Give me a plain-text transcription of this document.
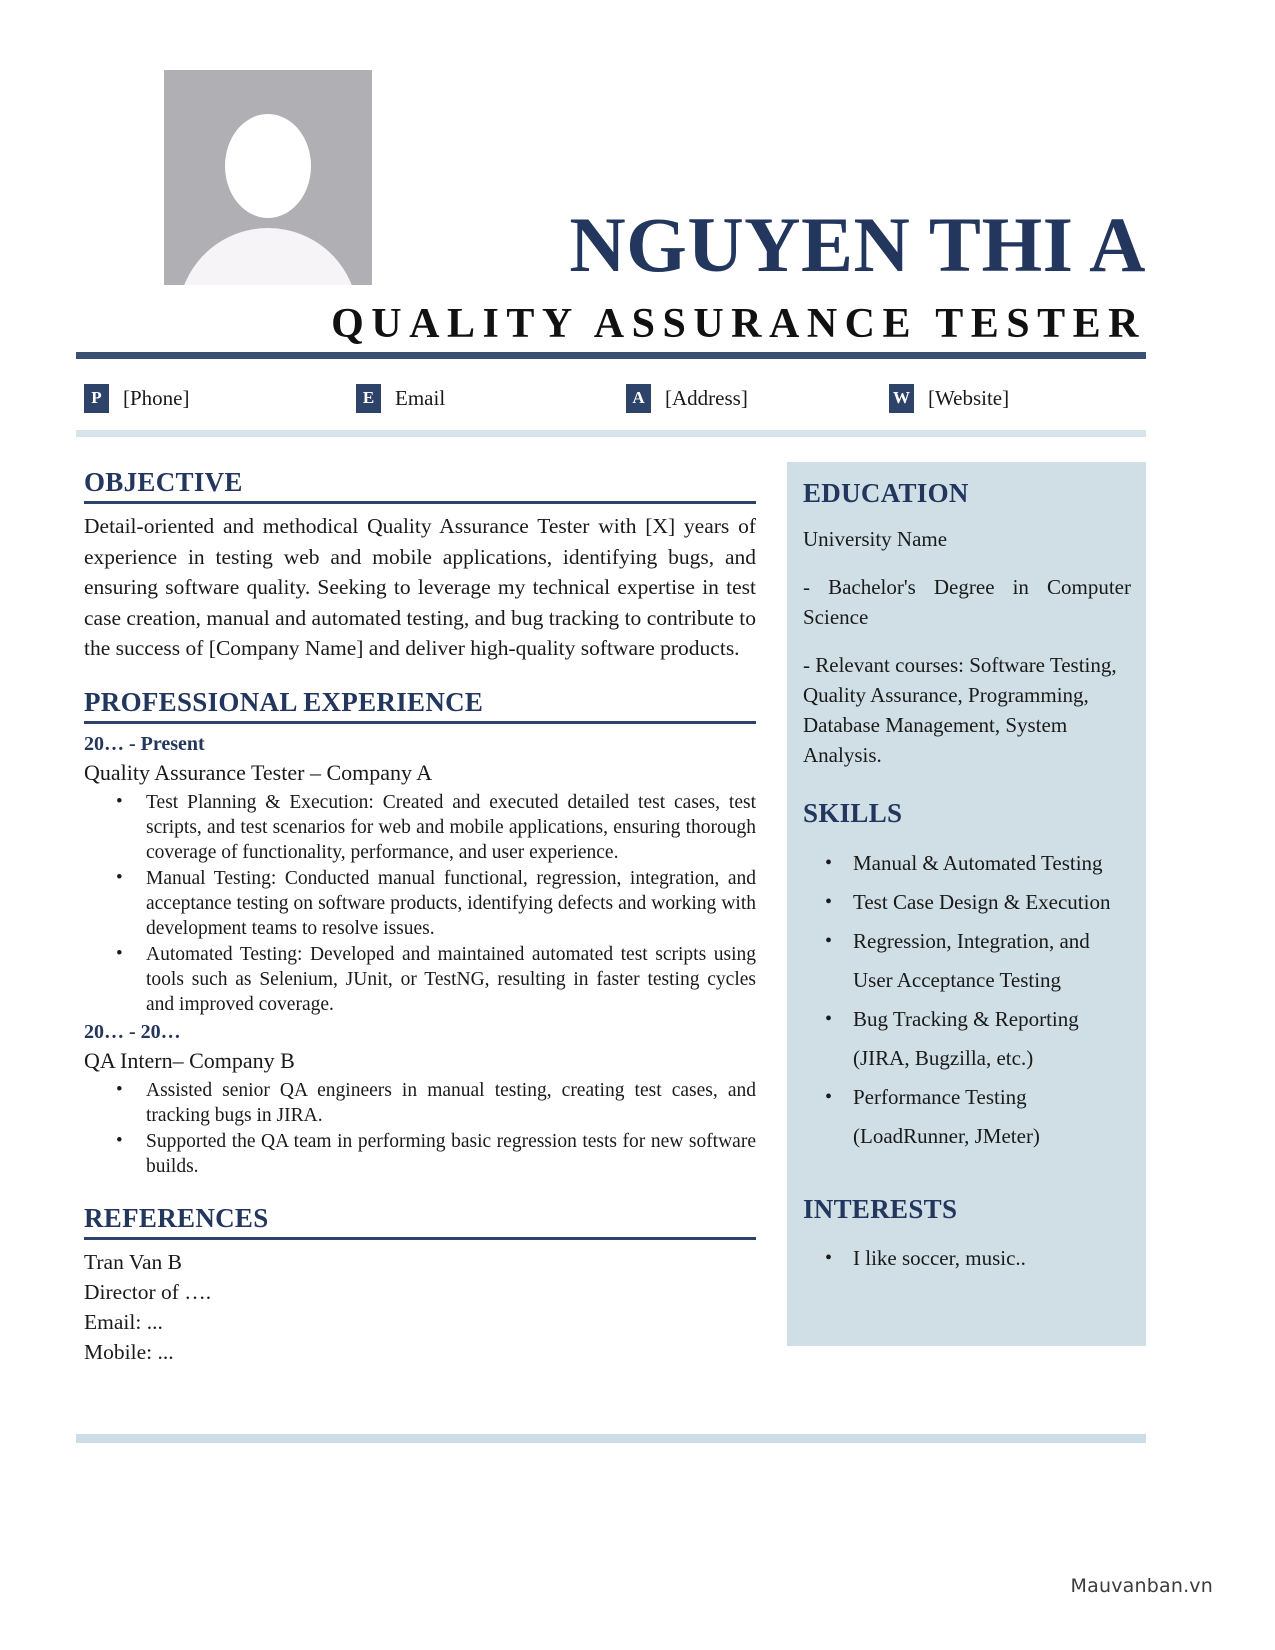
NGUYEN THI A
QUALITY ASSURANCE TESTER
P	[Phone]	E Email	A [Address]	W [Website]
OBJECTIVE

Detail-oriented and methodical Quality Assurance Tester with [X] years of experience in testing web and mobile applications, identifying bugs, and ensuring software quality. Seeking to leverage my technical expertise in test case creation, manual and automated testing, and bug tracking to contribute to the success of [Company Name] and deliver high-quality software products.

PROFESSIONAL EXPERIENCE

20… - Present

Quality Assurance Tester – Company A

• Test Planning & Execution: Created and executed detailed test cases, test scripts, and test scenarios for web and mobile applications, ensuring thorough coverage of functionality, performance, and user experience.
• Manual Testing: Conducted manual functional, regression, integration, and acceptance testing on software products, identifying defects and working with development teams to resolve issues.
• Automated Testing: Developed and maintained automated test scripts using tools such as Selenium, JUnit, or TestNG, resulting in faster testing cycles and improved coverage.

20… - 20…

QA Intern– Company B

• Assisted senior QA engineers in manual testing, creating test cases, and tracking bugs in JIRA.
• Supported the QA team in performing basic regression tests for new software builds.
REFERENCES

Tran Van B

Director of ….

Email: ...

Mobile: ...

EDUCATION

University Name

- Bachelor's Degree in Computer Science

- Relevant courses: Software Testing, Quality Assurance, Programming, Database Management, System Analysis.

SKILLS
• Manual & Automated Testing
• Test Case Design & Execution
• Regression, Integration, and User Acceptance Testing
• Bug Tracking & Reporting (JIRA, Bugzilla, etc.)
• Performance Testing (LoadRunner, JMeter)
INTERESTS
• I like soccer, music..
Mauvanban.vn
